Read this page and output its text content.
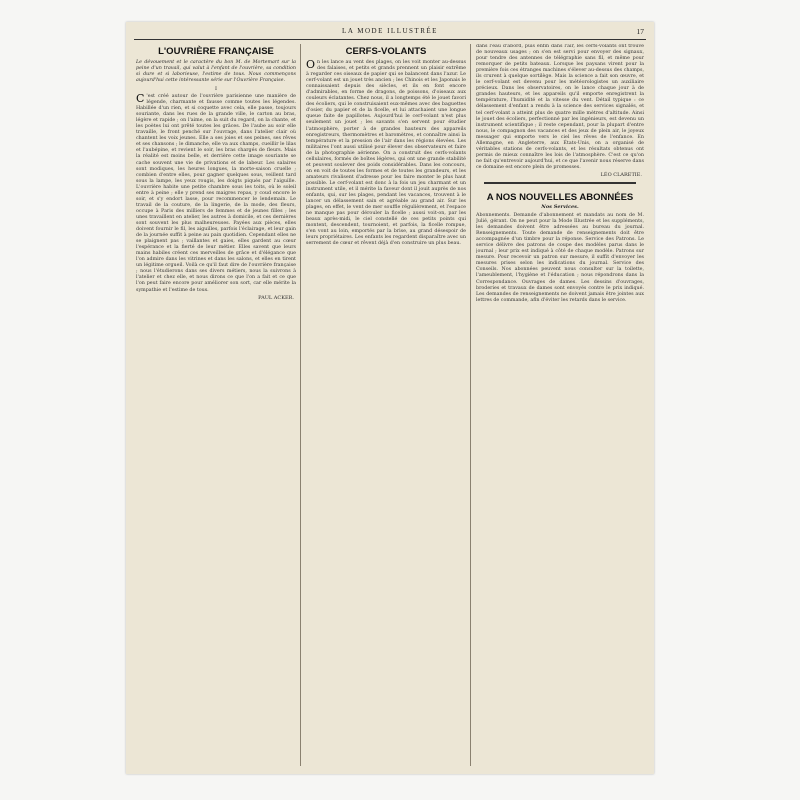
LA MODE ILLUSTRÉE	17
L'OUVRIÈRE FRANÇAISE

Le dévouement et le caractère du bon M. de Mortemart sur la peine d'un travail, qui valut à l'enfant de l'ouvrière, sa condition si dure et si laborieuse, l'estime de tous. Nous commençons aujourd'hui cette intéressante série sur l'Ouvrière Française.

I

C 'est créé autour de l'ouvrière parisienne une manière de légende, charmante et fausse comme toutes les légendes. Habillée d'un rien, et si coquette avec cela, elle passe, toujours souriante, dans les rues de la grande ville, le carton au bras, légère et rapide ; on l'aime, on la suit du regard, on la chante, et les poètes lui ont prêté toutes les grâces. De l'aube au soir elle travaille, le front penché sur l'ouvrage, dans l'atelier clair où chantent les voix jeunes. Elle a ses joies et ses peines, ses rêves et ses chansons ; le dimanche, elle va aux champs, cueillir le lilas et l'aubépine, et revient le soir, les bras chargés de fleurs. Mais la réalité est moins belle, et derrière cette image souriante se cache souvent une vie de privations et de labeur. Les salaires sont modiques, les heures longues, la morte-saison cruelle ; combien d'entre elles, pour gagner quelques sous, veillent tard sous la lampe, les yeux rougis, les doigts piqués par l'aiguille. L'ouvrière habite une petite chambre sous les toits, où le soleil entre à peine ; elle y prend ses maigres repas, y coud encore le soir, et s'y endort lasse, pour recommencer le lendemain. Le travail de la couture, de la lingerie, de la mode, des fleurs, occupe à Paris des milliers de femmes et de jeunes filles ; les unes travaillent en atelier, les autres à domicile, et ces dernières sont souvent les plus malheureuses. Payées aux pièces, elles doivent fournir le fil, les aiguilles, parfois l'éclairage, et leur gain de la journée suffit à peine au pain quotidien. Cependant elles ne se plaignent pas ; vaillantes et gaies, elles gardent au cœur l'espérance et la fierté de leur métier. Elles savent que leurs mains habiles créent ces merveilles de grâce et d'élégance que l'on admire dans les vitrines et dans les salons, et elles en tirent un légitime orgueil. Voilà ce qu'il faut dire de l'ouvrière française ; nous l'étudierons dans ses divers métiers, nous la suivrons à l'atelier et chez elle, et nous dirons ce que l'on a fait et ce que l'on peut faire encore pour améliorer son sort, car elle mérite la sympathie et l'estime de tous.

PAUL ACKER.
CERFS-VOLANTS

On les lance au vent des plages, on les voit monter au-dessus des falaises, et petits et grands prennent un plaisir extrême à regarder ces oiseaux de papier qui se balancent dans l'azur. Le cerf-volant est un jouet très ancien ; les Chinois et les Japonais le connaissaient depuis des siècles, et ils en font encore d'admirables, en forme de dragons, de poissons, d'oiseaux aux couleurs éclatantes. Chez nous, il a longtemps été le jouet favori des écoliers, qui le construisaient eux-mêmes avec des baguettes d'osier, du papier et de la ficelle, et lui attachaient une longue queue faite de papillotes. Aujourd'hui le cerf-volant n'est plus seulement un jouet ; les savants s'en servent pour étudier l'atmosphère, porter à de grandes hauteurs des appareils enregistreurs, thermomètres et baromètres, et connaître ainsi la température et la pression de l'air dans les régions élevées. Les militaires l'ont aussi utilisé pour élever des observateurs et faire de la photographie aérienne. On a construit des cerfs-volants cellulaires, formés de boîtes légères, qui ont une grande stabilité et peuvent soulever des poids considérables. Dans les concours, on en voit de toutes les formes et de toutes les grandeurs, et les amateurs rivalisent d'adresse pour les faire monter le plus haut possible. Le cerf-volant est donc à la fois un jeu charmant et un instrument utile, et il mérite la faveur dont il jouit auprès de nos enfants, qui, sur les plages, pendant les vacances, trouvent à le lancer un délassement sain et agréable au grand air. Sur les plages, en effet, le vent de mer souffle régulièrement, et l'espace ne manque pas pour dérouler la ficelle ; aussi voit-on, par les beaux après-midi, le ciel constellé de ces petits points qui montent, descendent, tournoient, et parfois, la ficelle rompue, s'en vont au loin, emportés par la brise, au grand désespoir de leurs propriétaires. Les enfants les regardent disparaître avec un serrement de cœur et rêvent déjà d'en construire un plus beau.

dans l'eau d'abord, puis enfin dans l'air, les cerfs-volants ont trouvé de nouveaux usages ; on s'en est servi pour envoyer des signaux, pour tendre des antennes de télégraphie sans fil, et même pour remorquer de petits bateaux. Lorsque les paysans virent pour la première fois ces étranges machines s'élever au-dessus des champs, ils crurent à quelque sortilège. Mais la science a fait son œuvre, et le cerf-volant est devenu pour les météorologistes un auxiliaire précieux. Dans les observatoires, on le lance chaque jour à de grandes hauteurs, et les appareils qu'il emporte enregistrent la température, l'humidité et la vitesse du vent. Détail typique : ce délassement d'enfant a rendu à la science des services signalés, et tel cerf-volant a atteint plus de quatre mille mètres d'altitude. Ainsi le jouet des écoliers, perfectionné par les ingénieurs, est devenu un instrument scientifique ; il reste cependant, pour la plupart d'entre nous, le compagnon des vacances et des jeux de plein air, le joyeux messager qui emporte vers le ciel les rêves de l'enfance. En Allemagne, en Angleterre, aux États-Unis, on a organisé de véritables stations de cerfs-volants, et les résultats obtenus ont permis de mieux connaître les lois de l'atmosphère. C'est ce qu'on ne fait qu'entrevoir aujourd'hui, et ce que l'avenir nous réserve dans ce domaine est encore plein de promesses.

LÉO CLARETIE.
A NOS NOUVELLES ABONNÉES
Nos Services.

Abonnements. Demande d'abonnement et mandats au nom de M. Julié, gérant. On ne peut pour la Mode Illustrée et les suppléments, les demandes doivent être adressées au bureau du journal. Renseignements. Toute demande de renseignements doit être accompagnée d'un timbre pour la réponse. Service des Patrons. Le service délivre des patrons de coupe des modèles parus dans le journal ; leur prix est indiqué à côté de chaque modèle. Patrons sur mesure. Pour recevoir un patron sur mesure, il suffit d'envoyer les mesures prises selon les indications du journal. Service des Conseils. Nos abonnées peuvent nous consulter sur la toilette, l'ameublement, l'hygiène et l'éducation ; nous répondrons dans la Correspondance. Ouvrages de dames. Les dessins d'ouvrages, broderies et travaux de dames sont envoyés contre le prix indiqué. Les demandes de renseignements ne doivent jamais être jointes aux lettres de commande, afin d'éviter les retards dans le service.
